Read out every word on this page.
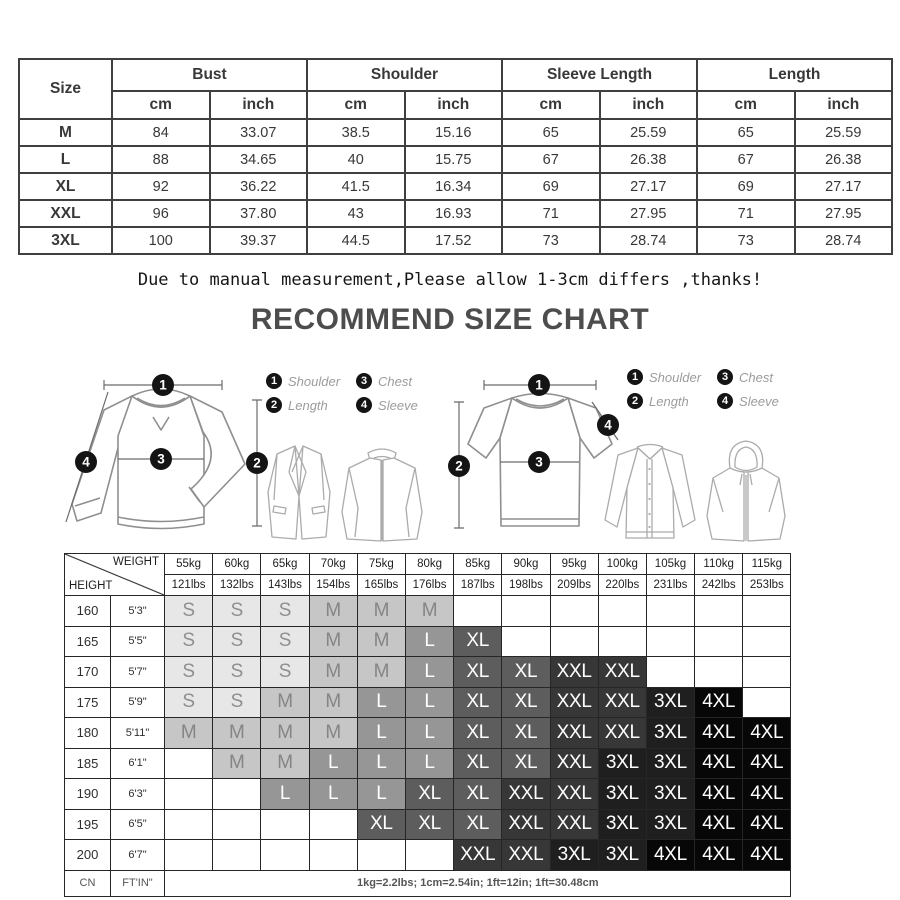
Size	Bust		Shoulder		Sleeve Length		Length	
	cm	inch	cm	inch	cm	inch	cm	inch
M	84	33.07	38.5	15.16	65	25.59	65	25.59
L	88	34.65	40	15.75	67	26.38	67	26.38
XL	92	36.22	41.5	16.34	69	27.17	69	27.17
XXL	96	37.80	43	16.93	71	27.95	71	27.95
3XL	100	39.37	44.5	17.52	73	28.74	73	28.74
Due to manual measurement,Please allow 1-3cm differs ,thanks!
RECOMMEND SIZE CHART
1
3	2
4
1 Shoulder	3 Chest
2 Length	4 Sleeve
1
2	3
4
1 Shoulder	3 Chest
2 Length	4 Sleeve
WEIGHT
HEIGHT		55kg	60kg	65kg	70kg	75kg	80kg	85kg	90kg	95kg	100kg	105kg	110kg	115kg
		121lbs	132lbs	143lbs	154lbs	165lbs	176lbs	187lbs	198lbs	209lbs	220lbs	231lbs	242lbs	253lbs
160	5'3"	S	S	S	M	M	M							
165	5'5"	S	S	S	M	M	L	XL						
170	5'7"	S	S	S	M	M	L	XL	XL	XXL	XXL			
175	5'9"	S	S	M	M	L	L	XL	XL	XXL	XXL	3XL	4XL	
180	5'11"	M	M	M	M	L	L	XL	XL	XXL	XXL	3XL	4XL	4XL
185	6'1"		M	M	L	L	L	XL	XL	XXL	3XL	3XL	4XL	4XL
190	6'3"			L	L	L	XL	XL	XXL	XXL	3XL	3XL	4XL	4XL
195	6'5"					XL	XL	XL	XXL	XXL	3XL	3XL	4XL	4XL
200	6'7"							XXL	XXL	3XL	3XL	4XL	4XL	4XL
CN	FT'IN"	1kg=2.2lbs; 1cm=2.54in; 1ft=12in; 1ft=30.48cm												
